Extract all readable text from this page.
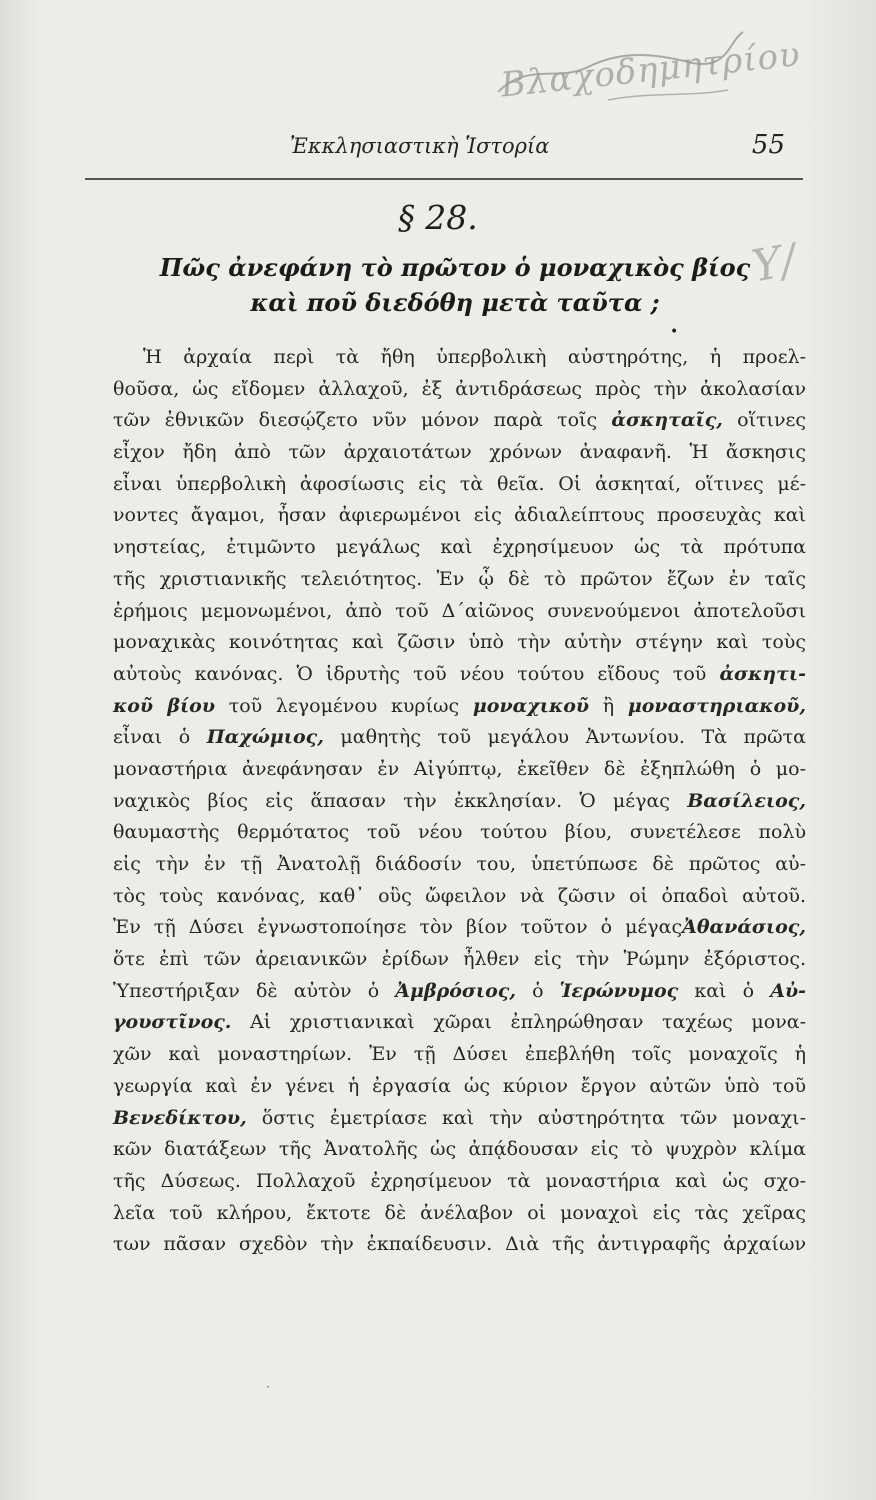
Βλαχοδημητρίου
Υ/
Ἐκκλησιαστικὴ Ἱστορία	55
§ 28.
Πῶς ἀνεφάνη τὸ πρῶτον ὁ μοναχικὸς βίος
καὶ ποῦ διεδόθη μετὰ ταῦτα ;
•
Ἡ ἀρχαία περὶ τὰ ἤθη ὑπερβολικὴ αὐστηρότης, ἡ προελ-
θοῦσα, ὡς εἴδομεν ἀλλαχοῦ, ἐξ ἀντιδράσεως πρὸς τὴν ἀκολασίαν
τῶν ἐθνικῶν διεσῴζετο νῦν μόνον παρὰ τοῖς ἀσκηταῖς, οἵτινες
εἶχον ἤδη ἀπὸ τῶν ἀρχαιοτάτων χρόνων ἀναφανῆ. Ἡ ἄσκησις
εἶναι ὑπερβολικὴ ἀφοσίωσις εἰς τὰ θεῖα. Οἱ ἀσκηταί, οἵτινες μέ-
νοντες ἄγαμοι, ἦσαν ἀφιερωμένοι εἰς ἀδιαλείπτους προσευχὰς καὶ
νηστείας, ἐτιμῶντο μεγάλως καὶ ἐχρησίμευον ὡς τὰ πρότυπα
τῆς χριστιανικῆς τελειότητος. Ἐν ᾧ δὲ τὸ πρῶτον ἔζων ἐν ταῖς
ἐρήμοις μεμονωμένοι, ἀπὸ τοῦ Δ΄αἰῶνος συνενούμενοι ἀποτελοῦσι
μοναχικὰς κοινότητας καὶ ζῶσιν ὑπὸ τὴν αὐτὴν στέγην καὶ τοὺς
αὐτοὺς κανόνας. Ὁ ἱδρυτὴς τοῦ νέου τούτου εἴδους τοῦ ἀσκητι-
κοῦ βίου τοῦ λεγομένου κυρίως μοναχικοῦ ἢ μοναστηριακοῦ,
εἶναι ὁ Παχώμιος, μαθητὴς τοῦ μεγάλου Ἀντωνίου. Τὰ πρῶτα
μοναστήρια ἀνεφάνησαν ἐν Αἰγύπτῳ, ἐκεῖθεν δὲ ἐξηπλώθη ὁ μο-
ναχικὸς βίος εἰς ἅπασαν τὴν ἐκκλησίαν. Ὁ μέγας Βασίλειος,
θαυμαστὴς θερμότατος τοῦ νέου τούτου βίου, συνετέλεσε πολὺ
εἰς τὴν ἐν τῇ Ἀνατολῇ διάδοσίν του, ὑπετύπωσε δὲ πρῶτος αὐ-
τὸς τοὺς κανόνας, καθ᾽ οὓς ὤφειλον νὰ ζῶσιν οἱ ὀπαδοὶ αὐτοῦ.
Ἐν τῇ Δύσει ἐγνωστοποίησε τὸν βίον τοῦτον ὁ μέγαςἈθανάσιος,
ὅτε ἐπὶ τῶν ἀρειανικῶν ἐρίδων ἦλθεν εἰς τὴν Ῥώμην ἐξόριστος.
Ὑπεστήριξαν δὲ αὐτὸν ὁ Ἀμβρόσιος, ὁ Ἱερώνυμος καὶ ὁ Αὐ-
γουστῖνος. Αἱ χριστιανικαὶ χῶραι ἐπληρώθησαν ταχέως μονα-
χῶν καὶ μοναστηρίων. Ἐν τῇ Δύσει ἐπεβλήθη τοῖς μοναχοῖς ἡ
γεωργία καὶ ἐν γένει ἡ ἐργασία ὡς κύριον ἔργον αὐτῶν ὑπὸ τοῦ
Βενεδίκτου, ὅστις ἐμετρίασε καὶ τὴν αὐστηρότητα τῶν μοναχι-
κῶν διατάξεων τῆς Ἀνατολῆς ὡς ἀπᾴδουσαν εἰς τὸ ψυχρὸν κλίμα
τῆς Δύσεως. Πολλαχοῦ ἐχρησίμευον τὰ μοναστήρια καὶ ὡς σχο-
λεῖα τοῦ κλήρου, ἔκτοτε δὲ ἀνέλαβον οἱ μοναχοὶ εἰς τὰς χεῖρας
των πᾶσαν σχεδὸν τὴν ἐκπαίδευσιν. Διὰ τῆς ἀντιγραφῆς ἀρχαίων
·
